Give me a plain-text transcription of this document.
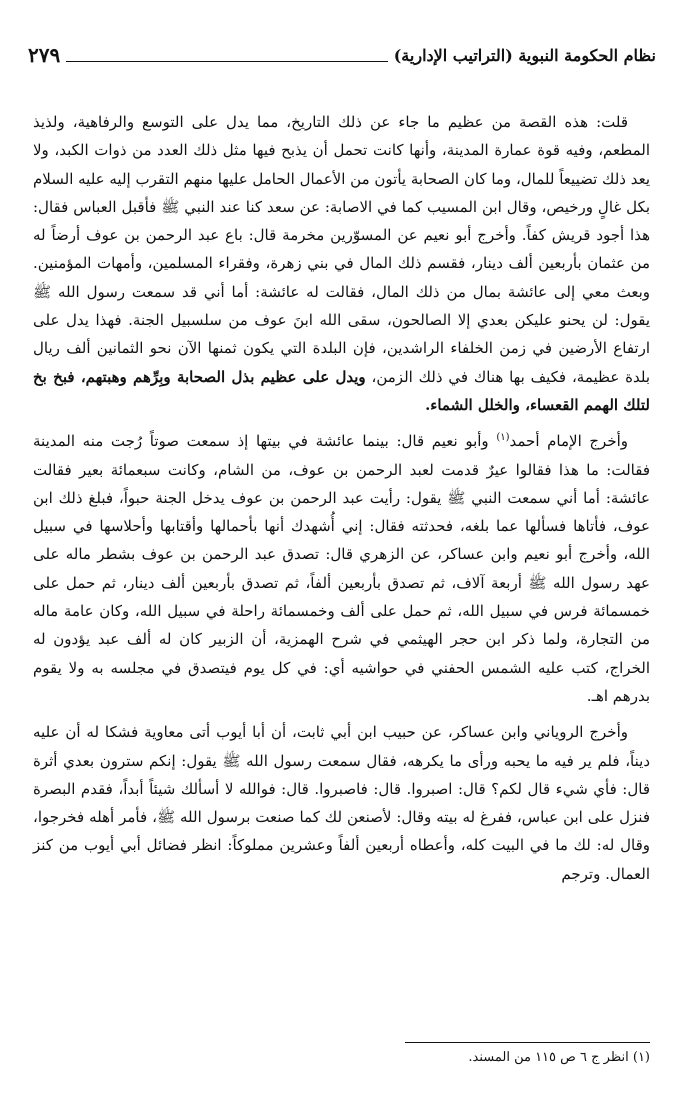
نظام الحكومة النبوية (التراتيب الإدارية)
٢٧٩

قلت: هذه القصة من عظيم ما جاء عن ذلك التاريخ، مما يدل على التوسع والرفاهية، ولذيذ المطعم، وفيه قوة عمارة المدينة، وأنها كانت تحمل أن يذبح فيها مثل ذلك العدد من ذوات الكبد، ولا يعد ذلك تضييعاً للمال، وما كان الصحابة يأتون من الأعمال الحامل عليها منهم التقرب إليه عليه السلام بكل غالٍ ورخيص، وقال ابن المسيب كما في الاصابة: عن سعد كنا عند النبي ﷺ فأقبل العباس فقال: هذا أجود قريش كفاً. وأخرج أبو نعيم عن المسوّرين مخرمة قال: باع عبد الرحمن بن عوف أرضاً له من عثمان بأربعين ألف دينار، فقسم ذلك المال في بني زهرة، وفقراء المسلمين، وأمهات المؤمنين. وبعث معي إلى عائشة بمال من ذلك المال، فقالت له عائشة: أما أني قد سمعت رسول الله ﷺ يقول: لن يحنو عليكن بعدي إلا الصالحون، سقى الله ابنَ عوف من سلسبيل الجنة. فهذا يدل على ارتفاع الأرضين في زمن الخلفاء الراشدين، فإن البلدة التي يكون ثمنها الآن نحو الثمانين ألف ريال بلدة عظيمة، فكيف بها هناك في ذلك الزمن، ويدل على عظيم بذل الصحابة وبِرِّهم وهبتهم، فبخ بخ لتلك الهمم القعساء، والخلل الشماء.

وأخرج الإمام أحمد$^{(١)}$ وأبو نعيم قال: بينما عائشة في بيتها إذ سمعت صوتاً رُجت منه المدينة فقالت: ما هذا فقالوا عيرٌ قدمت لعبد الرحمن بن عوف، من الشام، وكانت سبعمائة بعير فقالت عائشة: أما أني سمعت النبي ﷺ يقول: رأيت عبد الرحمن بن عوف يدخل الجنة حبواً، فبلغ ذلك ابن عوف، فأتاها فسألها عما بلغه، فحدثته فقال: إني أُشهدك أنها بأحمالها وأقتابها وأحلاسها في سبيل الله، وأخرج أبو نعيم وابن عساكر، عن الزهري قال: تصدق عبد الرحمن بن عوف بشطر ماله على عهد رسول الله ﷺ أربعة آلاف، ثم تصدق بأربعين ألفاً، ثم تصدق بأربعين ألف دينار، ثم حمل على خمسمائة فرس في سبيل الله، ثم حمل على ألف وخمسمائة راحلة في سبيل الله، وكان عامة ماله من التجارة، ولما ذكر ابن حجر الهيثمي في شرح الهمزية، أن الزبير كان له ألف عبد يؤدون له الخراج، كتب عليه الشمس الحفني في حواشيه أي: في كل يوم فيتصدق في مجلسه به ولا يقوم بدرهم اهـ.

وأخرج الروياني وابن عساكر، عن حبيب ابن أبي ثابت، أن أبا أيوب أتى معاوية فشكا له أن عليه ديناً، فلم ير فيه ما يحبه ورأى ما يكرهه، فقال سمعت رسول الله ﷺ يقول: إنكم سترون بعدي أثرة قال: فأي شيء قال لكم؟ قال: اصبروا. قال: فاصبروا. قال: فوالله لا أسألك شيئاً أبداً، فقدم البصرة فنزل على ابن عباس، ففرغ له بيته وقال: لأصنعن لك كما صنعت برسول الله ﷺ، فأمر أهله فخرجوا، وقال له: لك ما في البيت كله، وأعطاه أربعين ألفاً وعشرين مملوكاً: انظر فضائل أبي أيوب من كنز العمال. وترجم

(١) انظر ج ٦ ص ١١٥ من المسند.
